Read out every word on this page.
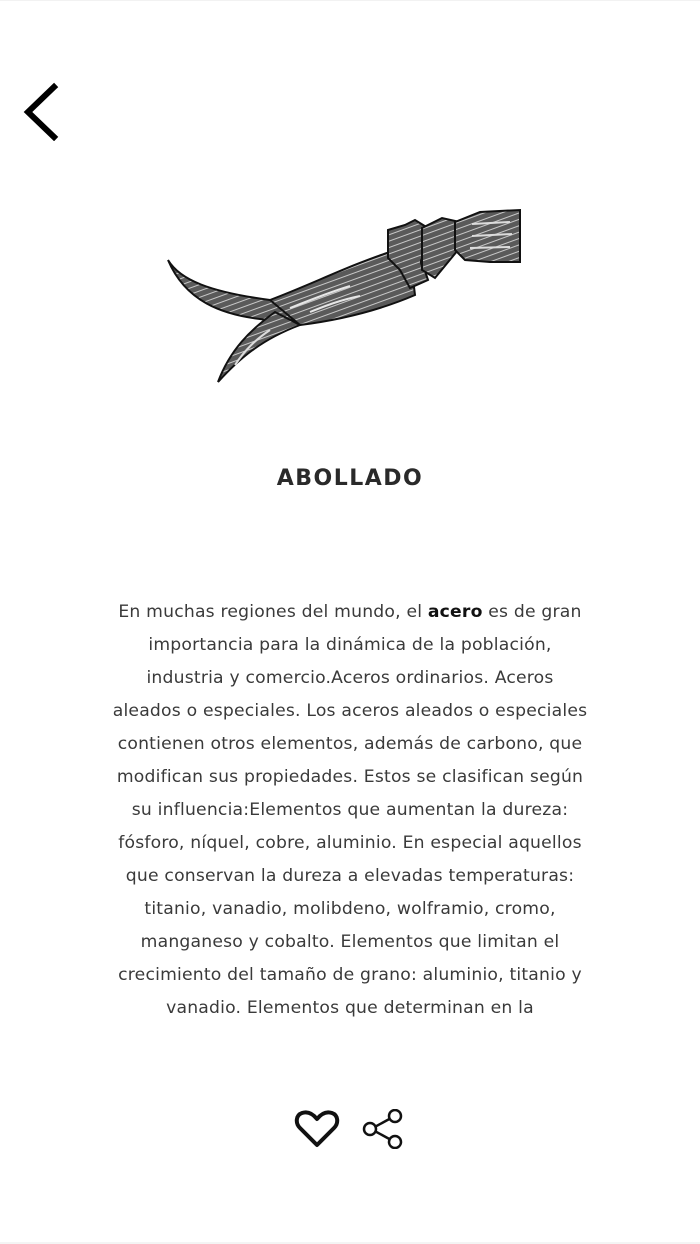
ABOLLADO
En muchas regiones del mundo, el acero es de gran
importancia para la dinámica de la población,
industria y comercio.Aceros ordinarios. Aceros
aleados o especiales. Los aceros aleados o especiales
contienen otros elementos, además de carbono, que
modifican sus propiedades. Estos se clasifican según
su influencia:Elementos que aumentan la dureza:
fósforo, níquel, cobre, aluminio. En especial aquellos
que conservan la dureza a elevadas temperaturas:
titanio, vanadio, molibdeno, wolframio, cromo,
manganeso y cobalto. Elementos que limitan el
crecimiento del tamaño de grano: aluminio, titanio y
vanadio. Elementos que determinan en la
